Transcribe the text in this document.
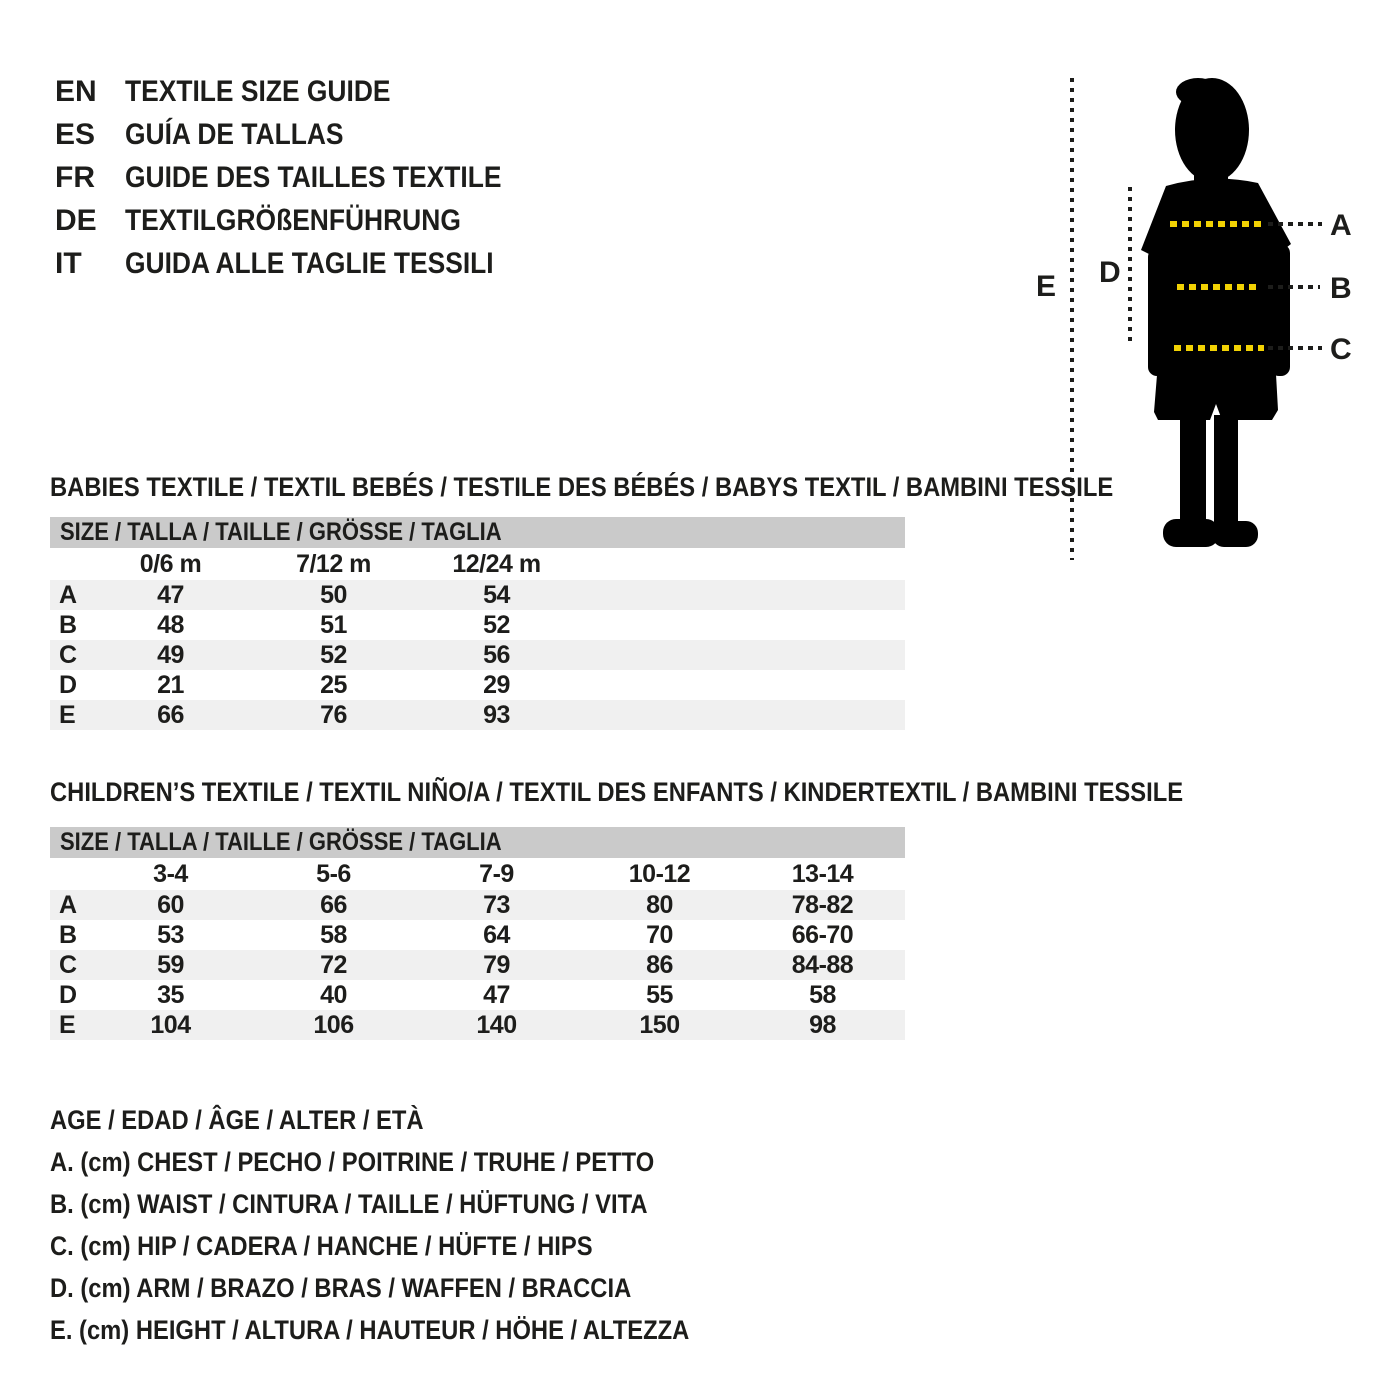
EN TEXTILE SIZE GUIDE
ES GUÍA DE TALLAS
FR	GUIDE DES TAILLES TEXTILE
DE TEXTILGRÖßENFÜHRUNG
IT	GUIDA ALLE TAGLIE TESSILI
A
B
C
D
E
BABIES TEXTILE / TEXTIL BEBÉS / TESTILE DES BÉBÉS / BABYS TEXTIL / BAMBINI TESSILE
SIZE / TALLA / TAILLE / GRÖSSE / TAGLIA
0/6 m	7/12 m	12/24 m
A	47	50	54
B	48	51	52
C	49	52	56
D	21	25	29
E	66	76	93
CHILDREN’S TEXTILE / TEXTIL NIÑO/A / TEXTIL DES ENFANTS / KINDERTEXTIL / BAMBINI TESSILE
SIZE / TALLA / TAILLE / GRÖSSE / TAGLIA
3-4	5-6	7-9	10-12	13-14
A	60	66	73	80	78-82
B	53	58	64	70	66-70
C	59	72	79	86	84-88
D	35	40	47	55	58
E	104	106	140	150	98
AGE / EDAD / ÂGE / ALTER / ETÀ
A. (cm) CHEST / PECHO / POITRINE / TRUHE / PETTO
B. (cm) WAIST / CINTURA / TAILLE / HÜFTUNG / VITA
C. (cm) HIP / CADERA / HANCHE / HÜFTE / HIPS
D. (cm) ARM / BRAZO / BRAS / WAFFEN / BRACCIA
E. (cm) HEIGHT / ALTURA / HAUTEUR / HÖHE / ALTEZZA
